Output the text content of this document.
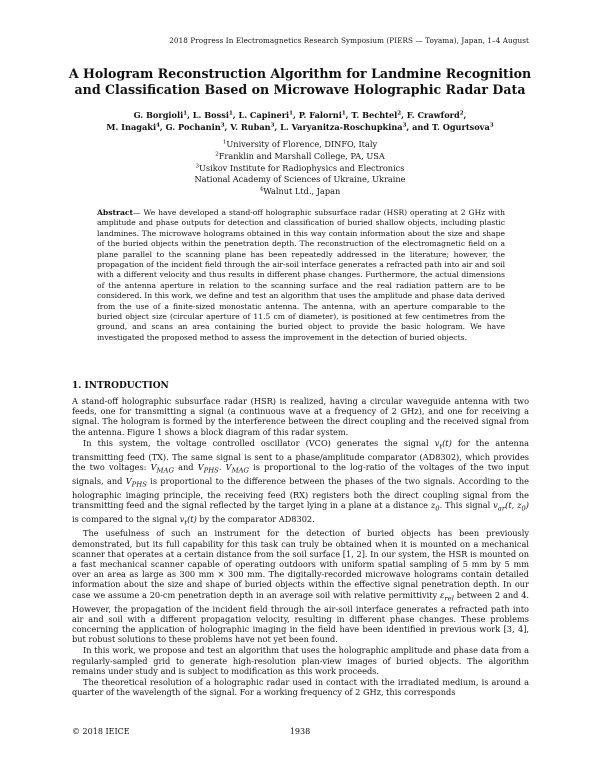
2018 Progress In Electromagnetics Research Symposium (PIERS — Toyama), Japan, 1–4 August
A Hologram Reconstruction Algorithm for Landmine Recognition
and Classification Based on Microwave Holographic Radar Data
G. Borgioli$^1$, L. Bossi$^1$, L. Capineri$^1$, P. Falorni$^1$, T. Bechtel$^2$, F. Crawford$^2$,
M. Inagaki$^4$, G. Pochanin$^3$, V. Ruban$^3$, L. Varyanitza-Roschupkina$^3$, and T. Ogurtsova$^3$
$^1$University of Florence, DINFO, Italy
$^2$Franklin and Marshall College, PA, USA
$^3$Usikov Institute for Radiophysics and Electronics
National Academy of Sciences of Ukraine, Ukraine
$^4$Walnut Ltd., Japan
Abstract— We have developed a stand-off holographic subsurface radar (HSR) operating at 2 GHz with amplitude and phase outputs for detection and classification of buried shallow objects, including plastic landmines. The microwave holograms obtained in this way contain information about the size and shape of the buried objects within the penetration depth. The reconstruction of the electromagnetic field on a plane parallel to the scanning plane has been repeatedly addressed in the literature; however, the propagation of the incident field through the air-soil interface generates a refracted path into air and soil with a different velocity and thus results in different phase changes. Furthermore, the actual dimensions of the antenna aperture in relation to the scanning surface and the real radiation pattern are to be considered. In this work, we define and test an algorithm that uses the amplitude and phase data derived from the use of a finite-sized monostatic antenna. The antenna, with an aperture comparable to the buried object size (circular aperture of 11.5 cm of diameter), is positioned at few centimetres from the ground, and scans an area containing the buried object to provide the basic hologram. We have investigated the proposed method to assess the improvement in the detection of buried objects.
1. INTRODUCTION

A stand-off holographic subsurface radar (HSR) is realized, having a circular waveguide antenna with two feeds, one for transmitting a signal (a continuous wave at a frequency of 2 GHz), and one for receiving a signal. The hologram is formed by the interference between the direct coupling and the received signal from the antenna. Figure 1 shows a block diagram of this radar system.

In this system, the voltage controlled oscillator (VCO) generates the signal $v_t(t)$ for the antenna transmitting feed (TX). The same signal is sent to a phase/amplitude comparator (AD8302), which provides the two voltages: $V_{MAG}$ and $V_{PHS}$. $V_{MAG}$ is proportional to the log-ratio of the voltages of the two input signals, and $V_{PHS}$ is proportional to the difference between the phases of the two signals. According to the holographic imaging principle, the receiving feed (RX) registers both the direct coupling signal from the transmitting feed and the signal reflected by the target lying in a plane at a distance $z_0$. This signal $v_{ar}(t$, $z_0$) is compared to the signal $v_t(t)$ by the comparator AD8302.

The usefulness of such an instrument for the detection of buried objects has been previously demonstrated, but its full capability for this task can truly be obtained when it is mounted on a mechanical scanner that operates at a certain distance from the soil surface [1, 2]. In our system, the HSR is mounted on a fast mechanical scanner capable of operating outdoors with uniform spatial sampling of 5 mm by 5 mm over an area as large as 300 mm × 300 mm. The digitally-recorded microwave holograms contain detailed information about the size and shape of buried objects within the effective signal penetration depth. In our case we assume a 20-cm penetration depth in an average soil with relative permittivity $\varepsilon_{rel}$ between 2 and 4. However, the propagation of the incident field through the air-soil interface generates a refracted path into air and soil with a different propagation velocity, resulting in different phase changes. These problems concerning the application of holographic imaging in the field have been identified in previous work [3, 4], but robust solutions to these problems have not yet been found.

In this work, we propose and test an algorithm that uses the holographic amplitude and phase data from a regularly-sampled grid to generate high-resolution plan-view images of buried objects. The algorithm remains under study and is subject to modification as this work proceeds.

The theoretical resolution of a holographic radar used in contact with the irradiated medium, is around a quarter of the wavelength of the signal. For a working frequency of 2 GHz, this corresponds

© 2018 IEICE	1938
